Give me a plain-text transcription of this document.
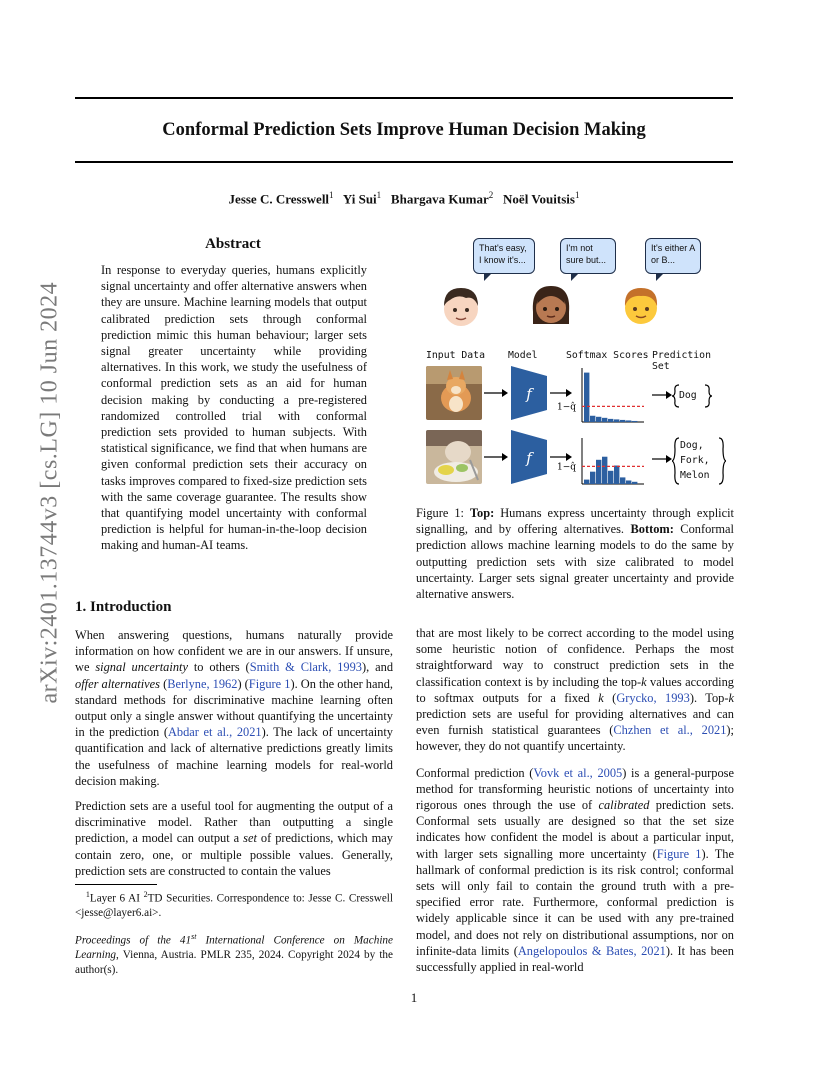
Conformal Prediction Sets Improve Human Decision Making
Jesse C. Cresswell$^1$ Yi Sui$^1$ Bhargava Kumar$^2$ Noël Vouitsis$^1$
arXiv:2401.13744v3 [cs.LG] 10 Jun 2024
Abstract
In response to everyday queries, humans explicitly signal uncertainty and offer alternative answers when they are unsure. Machine learning models that output calibrated prediction sets through conformal prediction mimic this human behaviour; larger sets signal greater uncertainty while providing alternatives. In this work, we study the usefulness of conformal prediction sets as an aid for human decision making by conducting a pre-registered randomized controlled trial with conformal prediction sets provided to human subjects. With statistical significance, we find that when humans are given conformal prediction sets their accuracy on tasks improves compared to fixed-size prediction sets with the same coverage guarantee. The results show that quantifying model uncertainty with conformal prediction is helpful for human-in-the-loop decision making and human-AI teams.
1. Introduction

When answering questions, humans naturally provide information on how confident we are in our answers. If unsure, we signal uncertainty to others (Smith & Clark, 1993), and offer alternatives (Berlyne, 1962) (Figure 1). On the other hand, standard methods for discriminative machine learning often output only a single answer without quantifying the uncertainty in the prediction (Abdar et al., 2021). The lack of uncertainty quantification and lack of alternative predictions greatly limits the usefulness of machine learning models for real-world decision making.

Prediction sets are a useful tool for augmenting the output of a discriminative model. Rather than outputting a single prediction, a model can output a set of predictions, which may contain zero, one, or multiple possible values. Generally, prediction sets are constructed to contain the values

$^1$Layer 6 AI $^2$TD Securities. Correspondence to: Jesse C. Cresswell <jesse@layer6.ai>.
Proceedings of the 41st International Conference on Machine Learning, Vienna, Austria. PMLR 235, 2024. Copyright 2024 by the author(s).
That's easy, I know it's...
I'm not sure but...
It's either A or B...
Input Data Model	Softmax Scores Prediction Set
f
f
1−q̂
1−q̂
Dog
Dog,
Fork,
Melon
Figure 1: Top: Humans express uncertainty through explicit signalling, and by offering alternatives. Bottom: Conformal prediction allows machine learning models to do the same by outputting prediction sets with size calibrated to model uncertainty. Larger sets signal greater uncertainty and provide alternative answers.

that are most likely to be correct according to the model using some heuristic notion of confidence. Perhaps the most straightforward way to construct prediction sets in the classification context is by including the top-k values according to softmax outputs for a fixed k (Grycko, 1993). Top-k prediction sets are useful for providing alternatives and can even furnish statistical guarantees (Chzhen et al., 2021); however, they do not quantify uncertainty.

Conformal prediction (Vovk et al., 2005) is a general-purpose method for transforming heuristic notions of uncertainty into rigorous ones through the use of calibrated prediction sets. Conformal sets usually are designed so that the set size indicates how confident the model is about a particular input, with larger sets signalling more uncertainty (Figure 1). The hallmark of conformal prediction is its risk control; conformal sets will only fail to contain the ground truth with a pre-specified error rate. Furthermore, conformal prediction is widely applicable since it can be used with any pre-trained model, and does not rely on distributional assumptions, nor on infinite-data limits (Angelopoulos & Bates, 2021). It has been successfully applied in real-world

1
